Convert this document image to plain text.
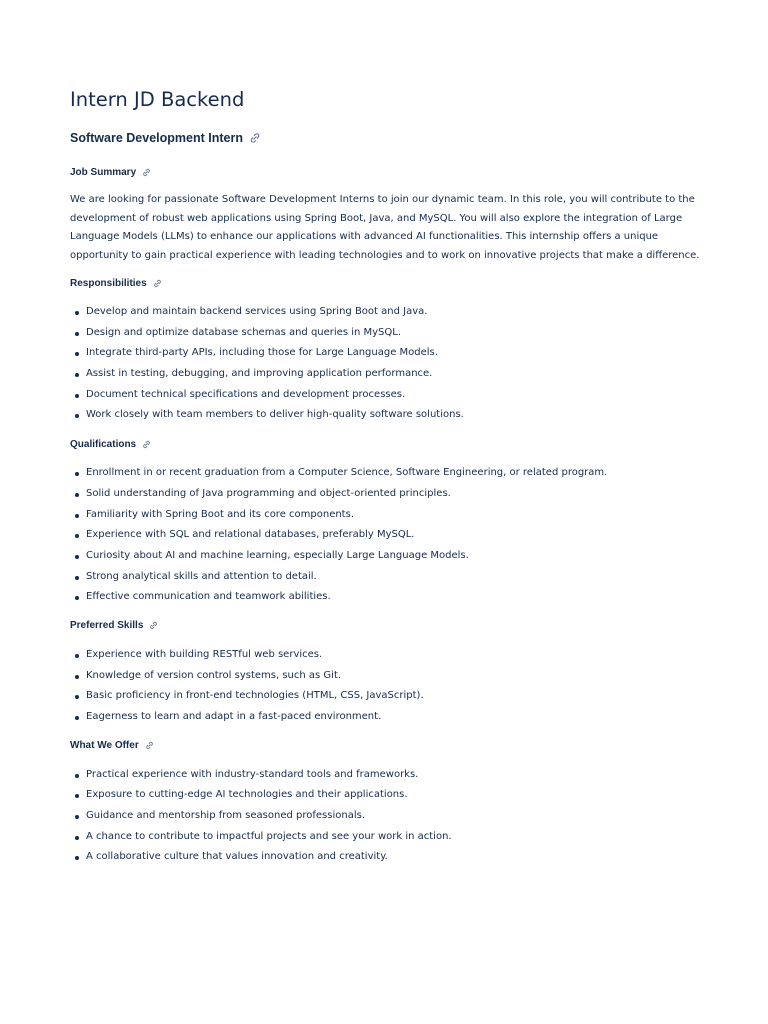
Intern JD Backend
Software Development Intern
Job Summary

We are looking for passionate Software Development Interns to join our dynamic team. In this role, you will contribute to the development of robust web applications using Spring Boot, Java, and MySQL. You will also explore the integration of Large Language Models (LLMs) to enhance our applications with advanced AI functionalities. This internship offers a unique opportunity to gain practical experience with leading technologies and to work on innovative projects that make a difference.

Responsibilities
Develop and maintain backend services using Spring Boot and Java.
Design and optimize database schemas and queries in MySQL.
Integrate third-party APIs, including those for Large Language Models.
Assist in testing, debugging, and improving application performance.
Document technical specifications and development processes.
Work closely with team members to deliver high-quality software solutions.
Qualifications
Enrollment in or recent graduation from a Computer Science, Software Engineering, or related program.
Solid understanding of Java programming and object-oriented principles.
Familiarity with Spring Boot and its core components.
Experience with SQL and relational databases, preferably MySQL.
Curiosity about AI and machine learning, especially Large Language Models.
Strong analytical skills and attention to detail.
Effective communication and teamwork abilities.
Preferred Skills
Experience with building RESTful web services.
Knowledge of version control systems, such as Git.
Basic proficiency in front-end technologies (HTML, CSS, JavaScript).
Eagerness to learn and adapt in a fast-paced environment.
What We Offer
Practical experience with industry-standard tools and frameworks.
Exposure to cutting-edge AI technologies and their applications.
Guidance and mentorship from seasoned professionals.
A chance to contribute to impactful projects and see your work in action.
A collaborative culture that values innovation and creativity.
